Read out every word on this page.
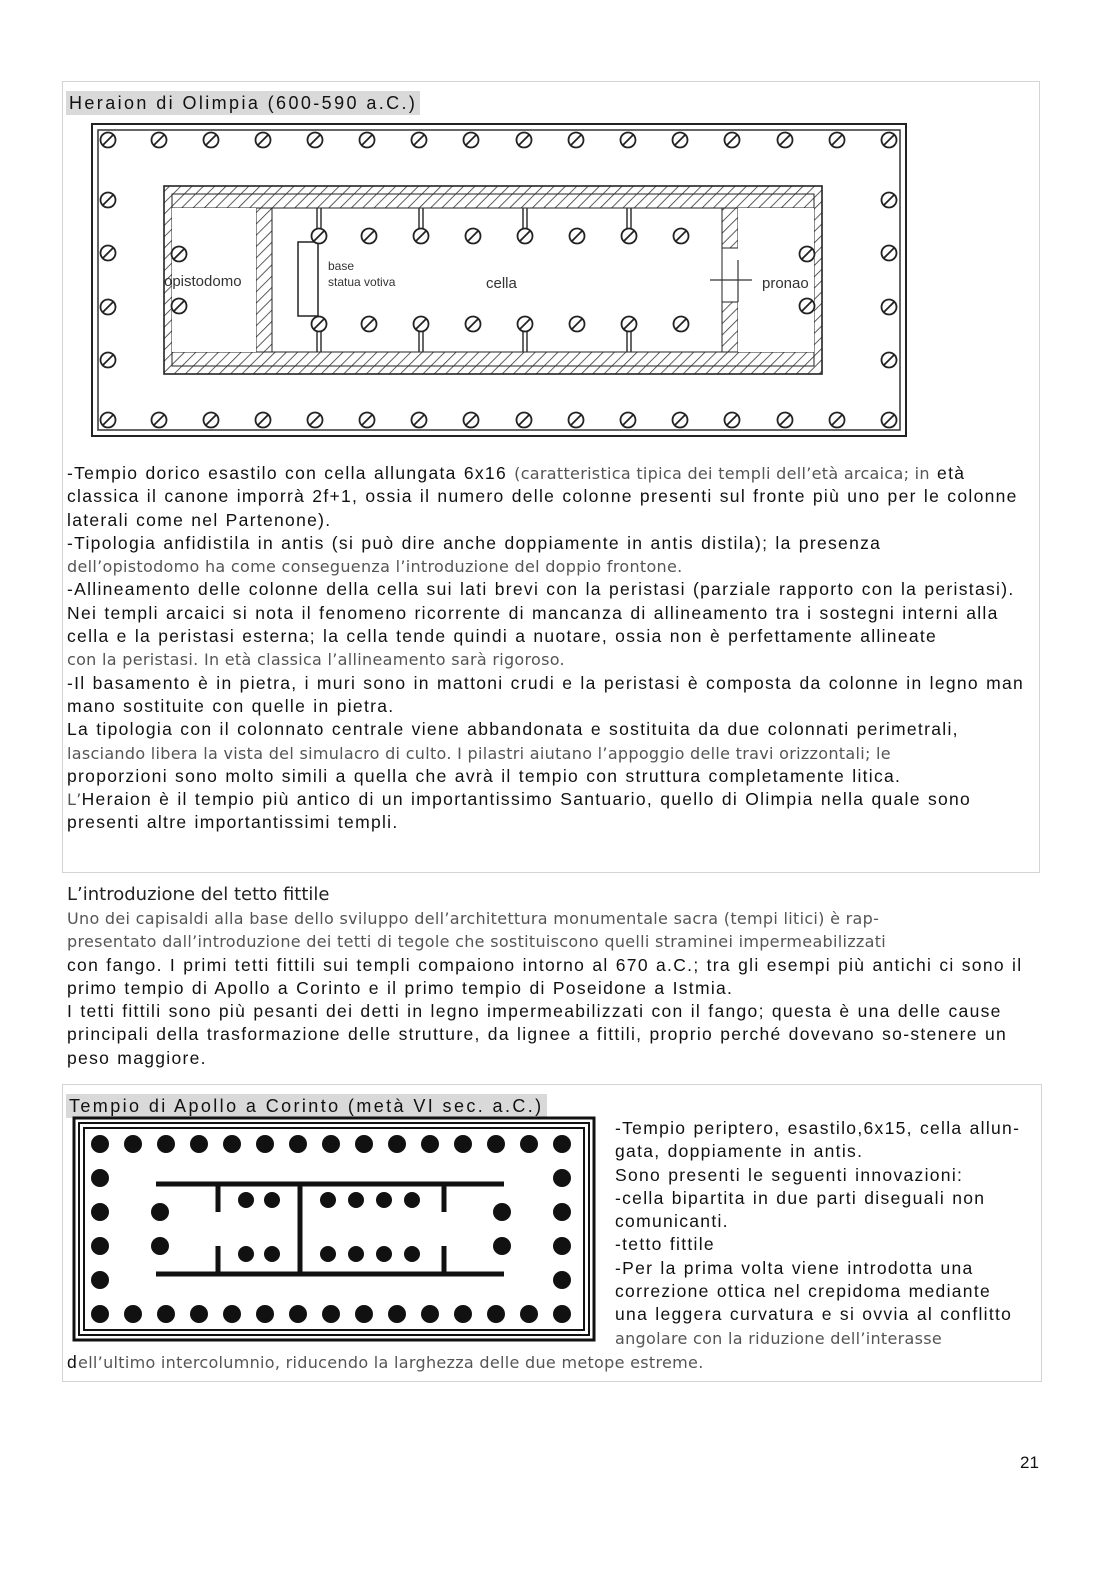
Heraion di Olimpia (600-590 a.C.)
opistodomo
base
statua votiva	cella	pronao

-Tempio dorico esastilo con cella allungata 6x16 (caratteristica tipica dei templi dell’età arcaica; in età classica il canone imporrà 2f+1, ossia il numero delle colonne presenti sul fronte più uno per le colonne laterali come nel Partenone).

-Tipologia anfidistila in antis (si può dire anche doppiamente in antis distila); la presenza
dell’opistodomo ha come conseguenza l’introduzione del doppio frontone.

-Allineamento delle colonne della cella sui lati brevi con la peristasi (parziale rapporto con la peristasi).

Nei templi arcaici si nota il fenomeno ricorrente di mancanza di allineamento tra i sostegni interni alla cella e la peristasi esterna; la cella tende quindi a nuotare, ossia non è perfettamente allineate
con la peristasi. In età classica l’allineamento sarà rigoroso.

-Il basamento è in pietra, i muri sono in mattoni crudi e la peristasi è composta da colonne in legno man mano sostituite con quelle in pietra.

La tipologia con il colonnato centrale viene abbandonata e sostituita da due colonnati perimetrali,
lasciando libera la vista del simulacro di culto. I pilastri aiutano l’appoggio delle travi orizzontali; le
proporzioni sono molto simili a quella che avrà il tempio con struttura completamente litica.

L’Heraion è il tempio più antico di un importantissimo Santuario, quello di Olimpia nella quale sono presenti altre importantissimi templi.

L’introduzione del tetto fittile

Uno dei capisaldi alla base dello sviluppo dell’architettura monumentale sacra (tempi litici) è rap-
presentato dall’introduzione dei tetti di tegole che sostituiscono quelli straminei impermeabilizzati
con fango. I primi tetti fittili sui templi compaiono intorno al 670 a.C.; tra gli esempi più antichi ci sono il primo tempio di Apollo a Corinto e il primo tempio di Poseidone a Istmia.

I tetti fittili sono più pesanti dei detti in legno impermeabilizzati con il fango; questa è una delle cause principali della trasformazione delle strutture, da lignee a fittili, proprio perché dovevano so-stenere un peso maggiore.

Tempio di Apollo a Corinto (metà VI sec. a.C.)
-Tempio periptero, esastilo,6x15, cella allun-
gata, doppiamente in antis.
Sono presenti le seguenti innovazioni:
-cella bipartita in due parti diseguali non
comunicanti.
-tetto fittile
-Per la prima volta viene introdotta una
correzione ottica nel crepidoma mediante
una leggera curvatura e si ovvia al conflitto
angolare con la riduzione dell’interasse
dell’ultimo intercolumnio, riducendo la larghezza delle due metope estreme.
21
